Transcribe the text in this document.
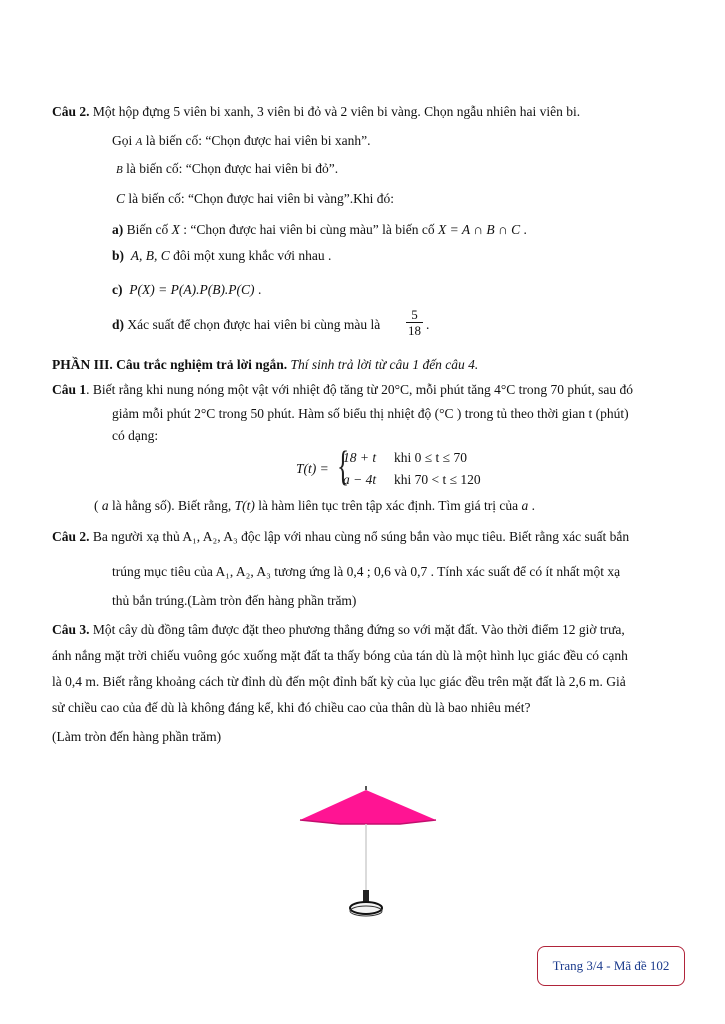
Câu 2. Một hộp đựng 5 viên bi xanh, 3 viên bi đỏ và 2 viên bi vàng. Chọn ngẫu nhiên hai viên bi.
Gọi A là biến cố: “Chọn được hai viên bi xanh”.
B là biến cố: “Chọn được hai viên bi đỏ”.
C là biến cố: “Chọn được hai viên bi vàng”.Khi đó:
a) Biến cố X : “Chọn được hai viên bi cùng màu” là biến cố X = A ∩ B ∩ C .
b) A, B, C đôi một xung khắc với nhau .
c) P(X) = P(A).P(B).P(C) .
d) Xác suất để chọn được hai viên bi cùng màu là $\frac{5}{18}$ .
PHẦN III. Câu trắc nghiệm trả lời ngắn. Thí sinh trả lời từ câu 1 đến câu 4.
Câu 1. Biết rằng khi nung nóng một vật với nhiệt độ tăng từ 20°C, mỗi phút tăng 4°C trong 70 phút, sau đó
giảm mỗi phút 2°C trong 50 phút. Hàm số biểu thị nhiệt độ (°C ) trong tủ theo thời gian t (phút)
có dạng:
T(t) = {
18 + t khi 0 ≤ t ≤ 70
a − 4t khi 70 < t ≤ 120
( a là hằng số). Biết rằng, T(t) là hàm liên tục trên tập xác định. Tìm giá trị của a .
Câu 2. Ba người xạ thủ A₁, A₂, A₃ độc lập với nhau cùng nổ súng bắn vào mục tiêu. Biết rằng xác suất bắn
trúng mục tiêu của A₁, A₂, A₃ tương ứng là 0,4 ; 0,6 và 0,7 . Tính xác suất để có ít nhất một xạ
thủ bắn trúng.(Làm tròn đến hàng phần trăm)
Câu 3. Một cây dù đồng tâm được đặt theo phương thẳng đứng so với mặt đất. Vào thời điểm 12 giờ trưa,
ánh nắng mặt trời chiếu vuông góc xuống mặt đất ta thấy bóng của tán dù là một hình lục giác đều có cạnh
là 0,4 m. Biết rằng khoảng cách từ đỉnh dù đến một đỉnh bất kỳ của lục giác đều trên mặt đất là 2,6 m. Giả
sử chiều cao của đế dù là không đáng kể, khi đó chiều cao của thân dù là bao nhiêu mét?
(Làm tròn đến hàng phần trăm)
Trang 3/4 - Mã đề 102
